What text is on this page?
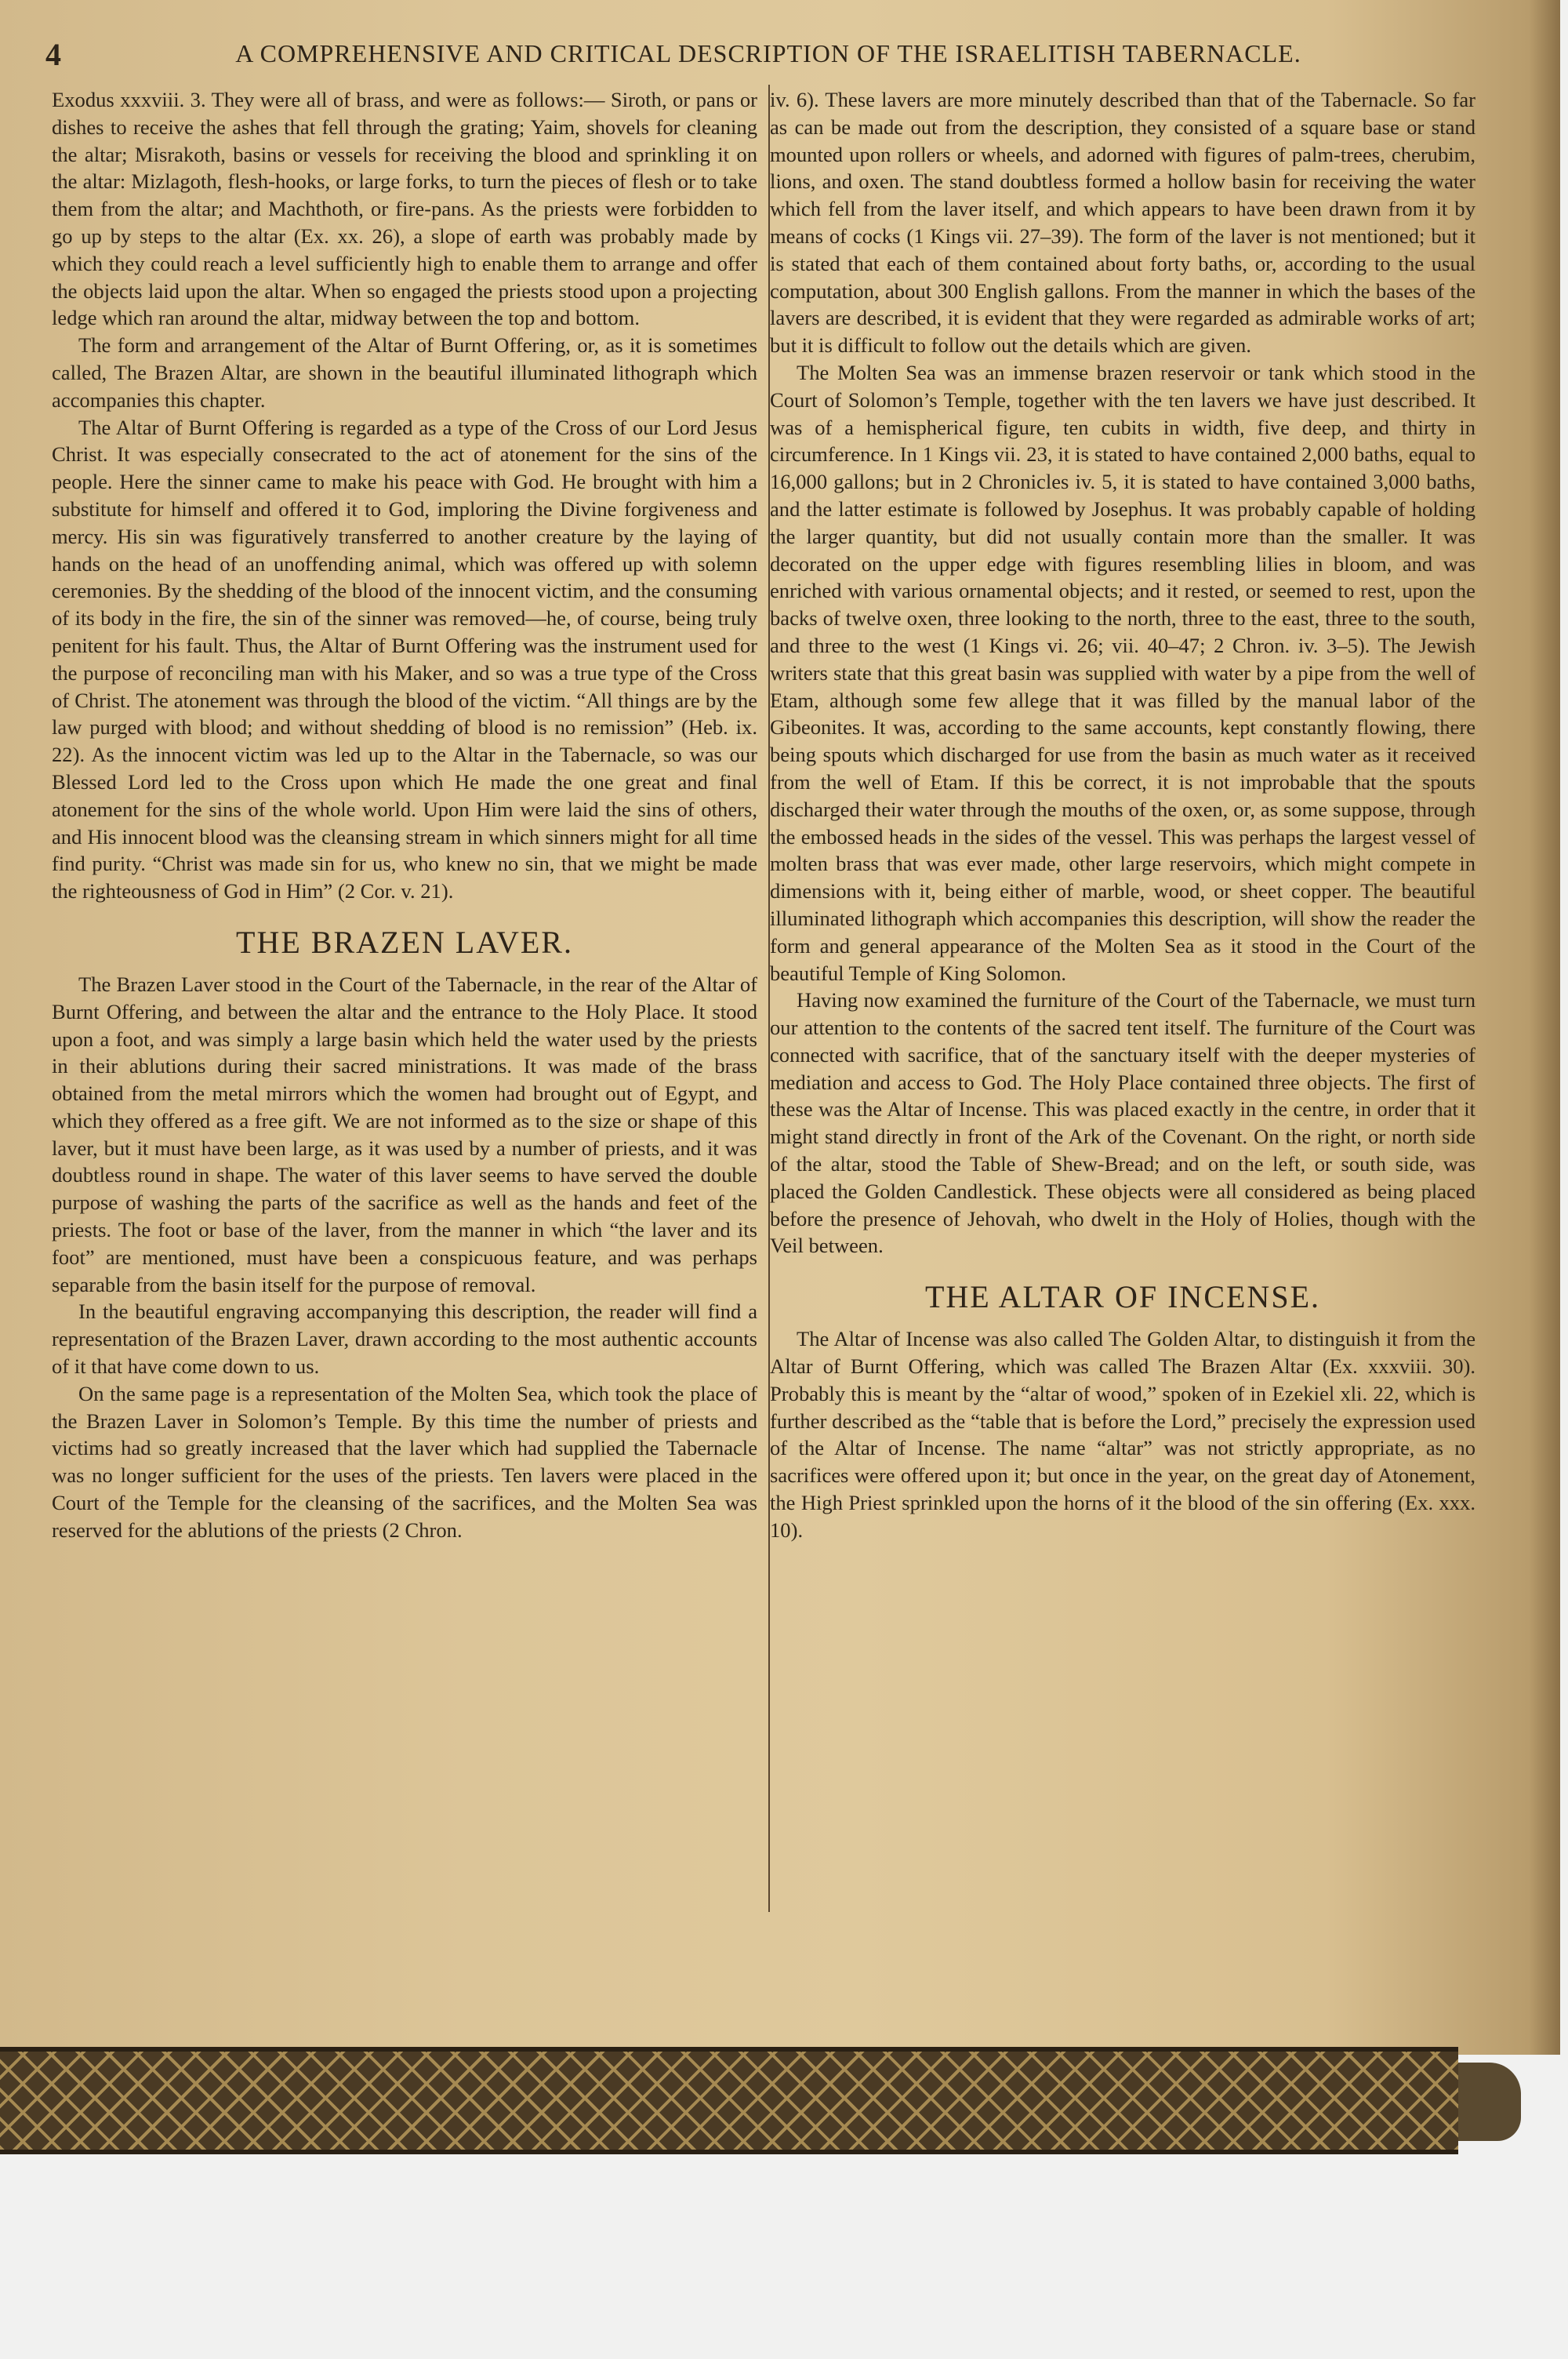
4	A COMPREHENSIVE AND CRITICAL DESCRIPTION OF THE ISRAELITISH TABERNACLE.

Exodus xxxviii. 3. They were all of brass, and were as follows:— Siroth, or pans or dishes to receive the ashes that fell through the grating; Yaim, shovels for cleaning the altar; Misrakoth, basins or vessels for receiving the blood and sprinkling it on the altar: Mizlagoth, flesh-hooks, or large forks, to turn the pieces of flesh or to take them from the altar; and Machthoth, or fire-pans. As the priests were forbidden to go up by steps to the altar (Ex. xx. 26), a slope of earth was probably made by which they could reach a level sufficiently high to enable them to arrange and offer the objects laid upon the altar. When so engaged the priests stood upon a projecting ledge which ran around the altar, midway between the top and bottom.

The form and arrangement of the Altar of Burnt Offering, or, as it is sometimes called, The Brazen Altar, are shown in the beautiful illuminated lithograph which accompanies this chapter.

The Altar of Burnt Offering is regarded as a type of the Cross of our Lord Jesus Christ. It was especially consecrated to the act of atonement for the sins of the people. Here the sinner came to make his peace with God. He brought with him a substitute for himself and offered it to God, imploring the Divine forgiveness and mercy. His sin was figuratively transferred to another creature by the laying of hands on the head of an unoffending animal, which was offered up with solemn ceremonies. By the shedding of the blood of the innocent victim, and the consuming of its body in the fire, the sin of the sinner was removed—he, of course, being truly penitent for his fault. Thus, the Altar of Burnt Offering was the instrument used for the purpose of reconciling man with his Maker, and so was a true type of the Cross of Christ. The atonement was through the blood of the victim. “All things are by the law purged with blood; and without shedding of blood is no remission” (Heb. ix. 22). As the innocent victim was led up to the Altar in the Tabernacle, so was our Blessed Lord led to the Cross upon which He made the one great and final atonement for the sins of the whole world. Upon Him were laid the sins of others, and His innocent blood was the cleansing stream in which sinners might for all time find purity. “Christ was made sin for us, who knew no sin, that we might be made the righteousness of God in Him” (2 Cor. v. 21).

THE BRAZEN LAVER.

The Brazen Laver stood in the Court of the Tabernacle, in the rear of the Altar of Burnt Offering, and between the altar and the entrance to the Holy Place. It stood upon a foot, and was simply a large basin which held the water used by the priests in their ablutions during their sacred ministrations. It was made of the brass obtained from the metal mirrors which the women had brought out of Egypt, and which they offered as a free gift. We are not informed as to the size or shape of this laver, but it must have been large, as it was used by a number of priests, and it was doubtless round in shape. The water of this laver seems to have served the double purpose of washing the parts of the sacrifice as well as the hands and feet of the priests. The foot or base of the laver, from the manner in which “the laver and its foot” are mentioned, must have been a conspicuous feature, and was perhaps separable from the basin itself for the purpose of removal.

In the beautiful engraving accompanying this description, the reader will find a representation of the Brazen Laver, drawn according to the most authentic accounts of it that have come down to us.

On the same page is a representation of the Molten Sea, which took the place of the Brazen Laver in Solomon’s Temple. By this time the number of priests and victims had so greatly increased that the laver which had supplied the Tabernacle was no longer sufficient for the uses of the priests. Ten lavers were placed in the Court of the Temple for the cleansing of the sacrifices, and the Molten Sea was reserved for the ablutions of the priests (2 Chron.

iv. 6). These lavers are more minutely described than that of the Tabernacle. So far as can be made out from the description, they consisted of a square base or stand mounted upon rollers or wheels, and adorned with figures of palm-trees, cherubim, lions, and oxen. The stand doubtless formed a hollow basin for receiving the water which fell from the laver itself, and which appears to have been drawn from it by means of cocks (1 Kings vii. 27–39). The form of the laver is not mentioned; but it is stated that each of them contained about forty baths, or, according to the usual computation, about 300 English gallons. From the manner in which the bases of the lavers are described, it is evident that they were regarded as admirable works of art; but it is difficult to follow out the details which are given.

The Molten Sea was an immense brazen reservoir or tank which stood in the Court of Solomon’s Temple, together with the ten lavers we have just described. It was of a hemispherical figure, ten cubits in width, five deep, and thirty in circumference. In 1 Kings vii. 23, it is stated to have contained 2,000 baths, equal to 16,000 gallons; but in 2 Chronicles iv. 5, it is stated to have contained 3,000 baths, and the latter estimate is followed by Josephus. It was probably capable of holding the larger quantity, but did not usually contain more than the smaller. It was decorated on the upper edge with figures resembling lilies in bloom, and was enriched with various ornamental objects; and it rested, or seemed to rest, upon the backs of twelve oxen, three looking to the north, three to the east, three to the south, and three to the west (1 Kings vi. 26; vii. 40–47; 2 Chron. iv. 3–5). The Jewish writers state that this great basin was supplied with water by a pipe from the well of Etam, although some few allege that it was filled by the manual labor of the Gibeonites. It was, according to the same accounts, kept constantly flowing, there being spouts which discharged for use from the basin as much water as it received from the well of Etam. If this be correct, it is not improbable that the spouts discharged their water through the mouths of the oxen, or, as some suppose, through the embossed heads in the sides of the vessel. This was perhaps the largest vessel of molten brass that was ever made, other large reservoirs, which might compete in dimensions with it, being either of marble, wood, or sheet copper. The beautiful illuminated lithograph which accompanies this description, will show the reader the form and general appearance of the Molten Sea as it stood in the Court of the beautiful Temple of King Solomon.

Having now examined the furniture of the Court of the Tabernacle, we must turn our attention to the contents of the sacred tent itself. The furniture of the Court was connected with sacrifice, that of the sanctuary itself with the deeper mysteries of mediation and access to God. The Holy Place contained three objects. The first of these was the Altar of Incense. This was placed exactly in the centre, in order that it might stand directly in front of the Ark of the Covenant. On the right, or north side of the altar, stood the Table of Shew-Bread; and on the left, or south side, was placed the Golden Candlestick. These objects were all considered as being placed before the presence of Jehovah, who dwelt in the Holy of Holies, though with the Veil between.

THE ALTAR OF INCENSE.

The Altar of Incense was also called The Golden Altar, to distinguish it from the Altar of Burnt Offering, which was called The Brazen Altar (Ex. xxxviii. 30). Probably this is meant by the “altar of wood,” spoken of in Ezekiel xli. 22, which is further described as the “table that is before the Lord,” precisely the expression used of the Altar of Incense. The name “altar” was not strictly appropriate, as no sacrifices were offered upon it; but once in the year, on the great day of Atonement, the High Priest sprinkled upon the horns of it the blood of the sin offering (Ex. xxx. 10).
